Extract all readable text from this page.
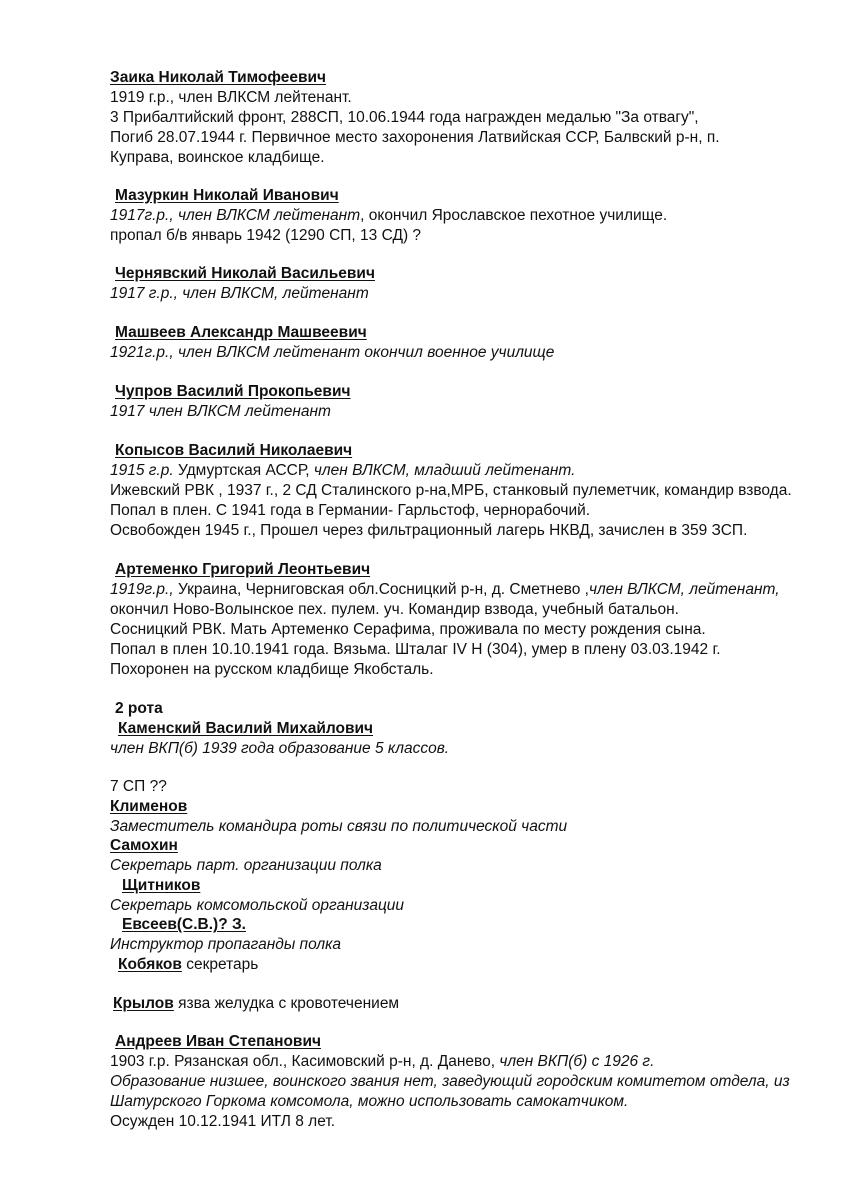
Заика Николай Тимофеевич

1919 г.р., член ВЛКСМ лейтенант.

3 Прибалтийский фронт, 288СП, 10.06.1944 года награжден медалью "За отвагу",

Погиб 28.07.1944 г. Первичное место захоронения Латвийская ССР, Балвский р-н, п.

Куправа, воинское кладбище.

Мазуркин Николай Иванович

1917г.р., член ВЛКСМ лейтенант, окончил Ярославское пехотное училище.

пропал б/в январь 1942 (1290 СП, 13 СД) ?

Чернявский Николай Васильевич

1917 г.р., член ВЛКСМ, лейтенант

Машвеев Александр Машвеевич

1921г.р., член ВЛКСМ лейтенант окончил военное училище

Чупров Василий Прокопьевич

1917 член ВЛКСМ лейтенант

Копысов Василий Николаевич

1915 г.р. Удмуртская АССР, член ВЛКСМ, младший лейтенант.

Ижевский РВК , 1937 г., 2 СД Сталинского р-на,МРБ, станковый пулеметчик, командир взвода.

Попал в плен. С 1941 года в Германии- Гарльстоф, чернорабочий.

Освобожден 1945 г., Прошел через фильтрационный лагерь НКВД, зачислен в 359 ЗСП.

Артеменко Григорий Леонтьевич

1919г.р., Украина, Черниговская обл.Сосницкий р-н, д. Сметнево ,член ВЛКСМ, лейтенант,

окончил Ново-Волынское пех. пулем. уч. Командир взвода, учебный батальон.

Сосницкий РВК. Мать Артеменко Серафима, проживала по месту рождения сына.

Попал в плен 10.10.1941 года. Вязьма. Шталаг IV H (304), умер в плену 03.03.1942 г.

Похоронен на русском кладбище Якобсталь.

2 рота

Каменский Василий Михайлович

член ВКП(б) 1939 года образование 5 классов.

7 СП ??

Клименов

Заместитель командира роты связи по политической части

Самохин

Секретарь парт. организации полка

Щитников

Секретарь комсомольской организации

Евсеев(С.В.)? З.

Инструктор пропаганды полка

Кобяков секретарь

Крылов язва желудка с кровотечением

Андреев Иван Степанович

1903 г.р. Рязанская обл., Касимовский р-н, д. Данево, член ВКП(б) с 1926 г.

Образование низшее, воинского звания нет, заведующий городским комитетом отдела, из

Шатурского Горкома комсомола, можно использовать самокатчиком.

Осужден 10.12.1941 ИТЛ 8 лет.
